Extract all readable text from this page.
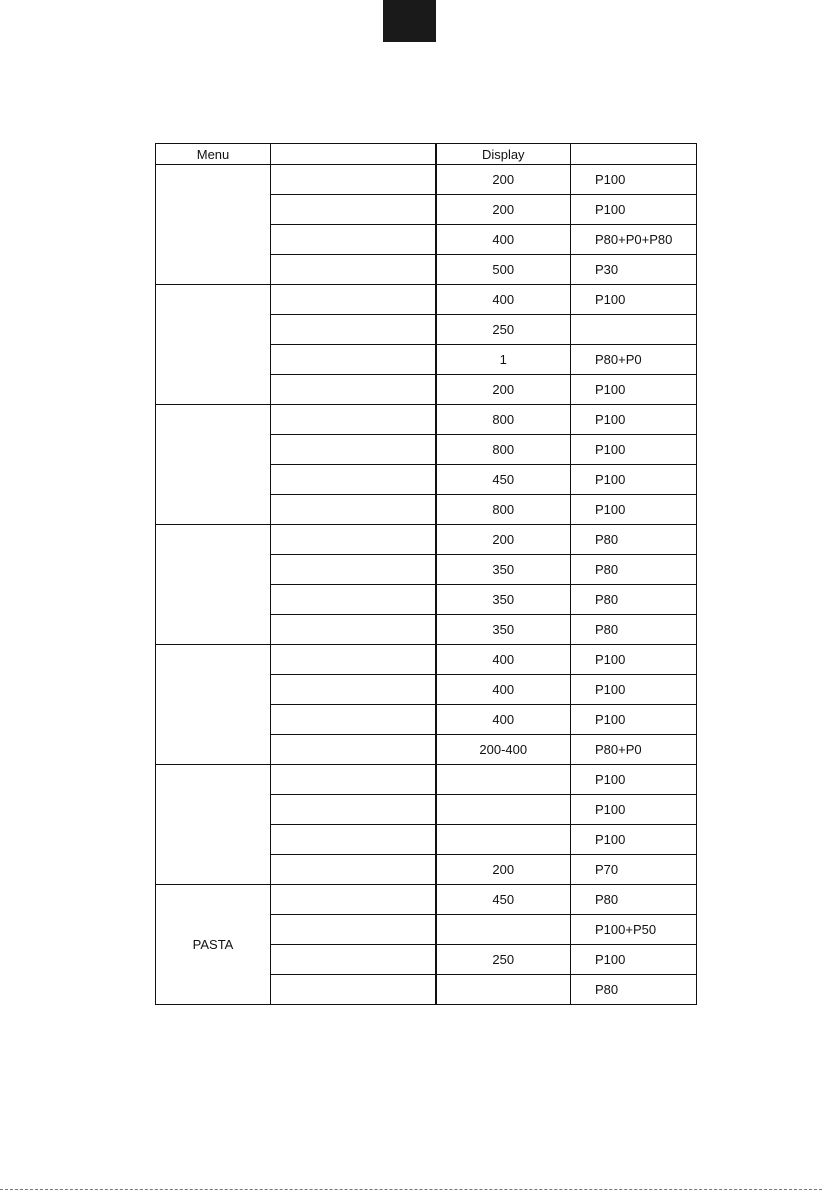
Menu		Display	
		200	P100
		200	P100
		400	P80+P0+P80
		500	P30
		400	P100
		250	
		1	P80+P0
		200	P100
		800	P100
		800	P100
		450	P100
		800	P100
		200	P80
		350	P80
		350	P80
		350	P80
		400	P100
		400	P100
		400	P100
		200-400	P80+P0
			P100
			P100
			P100
		200	P70
PASTA		450	P80
			P100+P50
		250	P100
			P80
